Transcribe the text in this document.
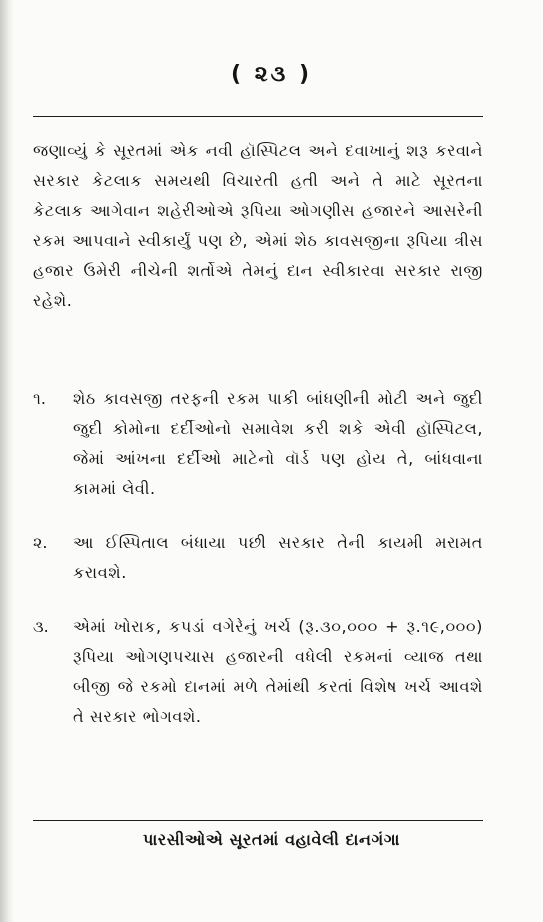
( ૨૩ )

જણાવ્યું કે સૂરતમાં એક નવી હૉસ્પિટલ અને દવાખાનું શરૂ કરવાને સરકાર કેટલાક સમયથી વિચારતી હતી અને તે માટે સૂરતના કેટલાક આગેવાન શહેરીઓએ રૂપિયા ઓગણીસ હજારને આસરેની રકમ આપવાને સ્વીકાર્યું પણ છે, એમાં શેઠ કાવસજીના રૂપિયા ત્રીસ હજાર ઉમેરી નીચેની શર્તોએ તેમનું દાન સ્વીકારવા સરકાર રાજી રહેશે.

૧.	શેઠ કાવસજી તરફની રકમ પાકી બાંધણીની મોટી અને જુદી જુદી કોમોના દર્દીઓનો સમાવેશ કરી શકે એવી હૉસ્પિટલ, જેમાં આંખના દર્દીઓ માટેનો વૉર્ડ પણ હોય તે, બાંધવાના કામમાં લેવી.
૨.	આ ઈસ્પિતાલ બંધાયા પછી સરકાર તેની કાયમી મરામત કરાવશે.
૩.	એમાં ખોરાક, કપડાં વગેરેનું ખર્ચ (રૂ.૩૦,૦૦૦ + રૂ.૧૯,૦૦૦) રૂપિયા ઓગણપચાસ હજારની વધેલી રકમનાં વ્યાજ તથા બીજી જે રકમો દાનમાં મળે તેમાંથી કરતાં વિશેષ ખર્ચ આવશે તે સરકાર ભોગવશે.

પારસીઓએ સૂરતમાં વહાવેલી દાનગંગા
